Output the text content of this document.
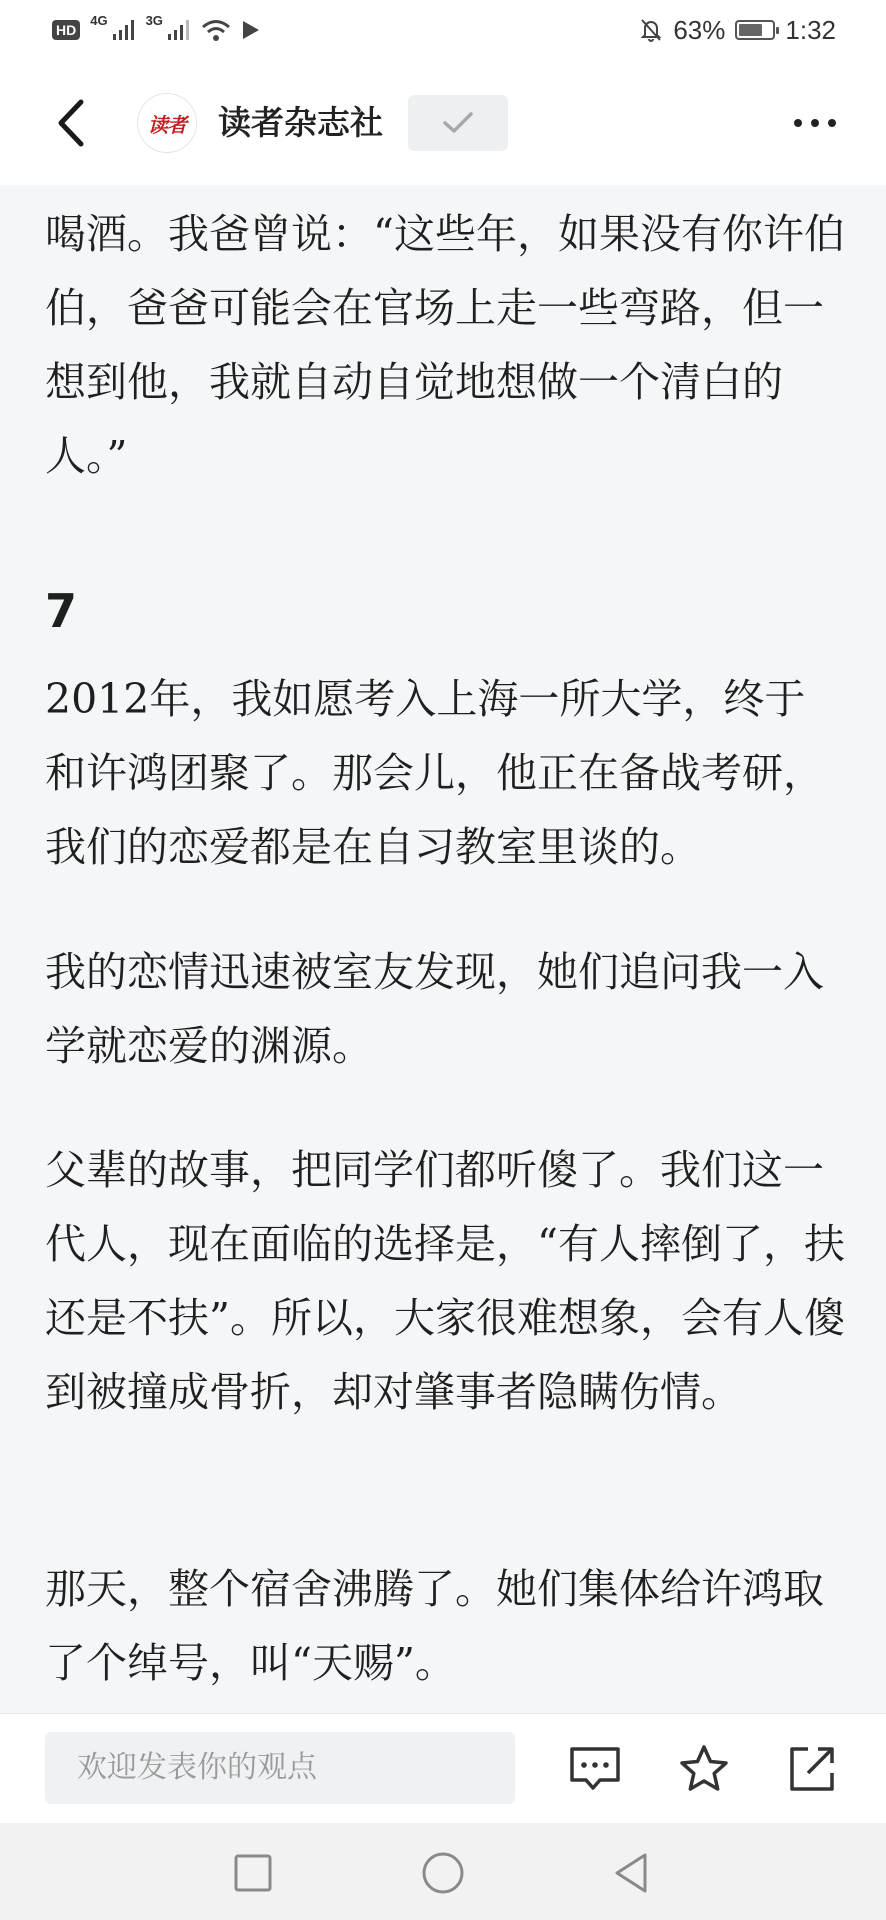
HD
4G	3G	63% 1:32
读者 读者杂志社

喝酒。我爸曾说：“这些年，如果没有你许伯伯，爸爸可能会在官场上走一些弯路，但一想到他，我就自动自觉地想做一个清白的人。”

7

2012年，我如愿考入上海一所大学，终于和许鸿团聚了。那会儿，他正在备战考研，我们的恋爱都是在自习教室里谈的。

我的恋情迅速被室友发现，她们追问我一入学就恋爱的渊源。

父辈的故事，把同学们都听傻了。我们这一代人，现在面临的选择是，“有人摔倒了，扶还是不扶”。所以，大家很难想象，会有人傻到被撞成骨折，却对肇事者隐瞒伤情。

那天，整个宿舍沸腾了。她们集体给许鸿取了个绰号，叫“天赐”。

欢迎发表你的观点
